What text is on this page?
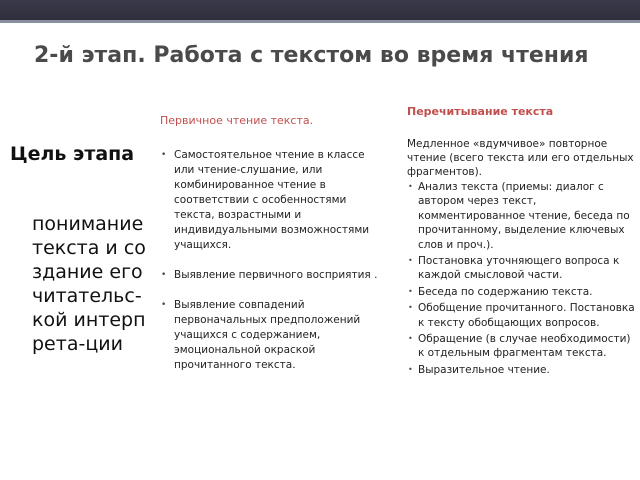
2-й этап. Работа с текстом во время чтения
Цель этапа
понимание текста и создание его читательс-кой интерпрета-ции
Первичное чтение текста.
• Самостоятельное чтение в классе или чтение-слушание, или комбинированное чтение в соответствии с особенностями текста, возрастными и индивидуальными возможностями учащихся.
• Выявление первичного восприятия .
• Выявление совпадений первоначальных предположений учащихся с содержанием, эмоциональной окраской прочитанного текста.
Перечитывание текста
Медленное «вдумчивое» повторное чтение (всего текста или его отдельных фрагментов).
• Анализ текста (приемы: диалог с автором через текст, комментированное чтение, беседа по прочитанному, выделение ключевых слов и проч.).
• Постановка уточняющего вопроса к каждой смысловой части.
• Беседа по содержанию текста.
• Обобщение прочитанного. Постановка к тексту обобщающих вопросов.
• Обращение (в случае необходимости) к отдельным фрагментам текста.
• Выразительное чтение.
